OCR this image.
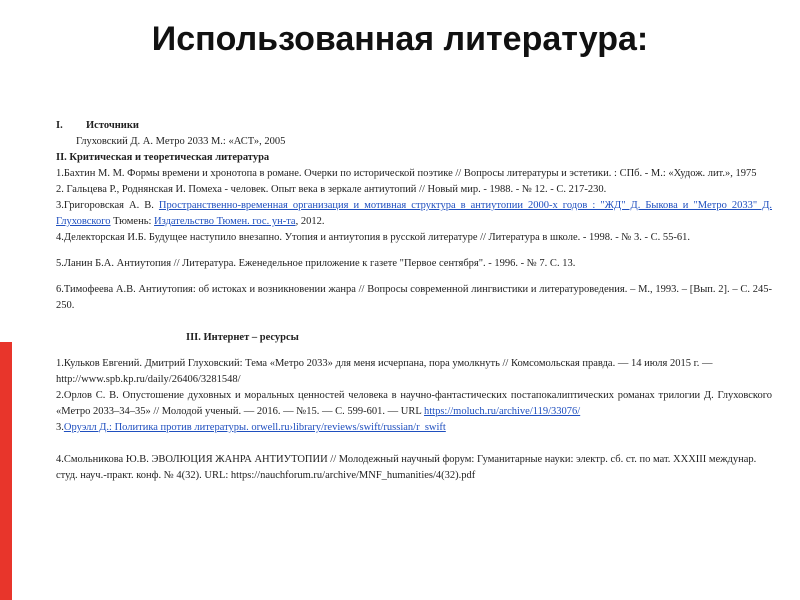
Использованная литература:
I.	Источники
Глуховский Д. А. Метро 2033 М.: «АСТ», 2005
II. Критическая и теоретическая литература
1.Бахтин М. М. Формы времени и хронотопа в романе. Очерки по исторической поэтике // Вопросы литературы и эстетики. : СПб. - М.: «Худож. лит.», 1975
2. Гальцева Р., Роднянская И. Помеха - человек. Опыт века в зеркале антиутопий // Новый мир. - 1988. - № 12. - С. 217-230.
3.Григоровская А. В. Пространственно-временная организация и мотивная структура в антиутопии 2000-х годов : "ЖД" Д. Быкова и "Метро 2033" Д. Глуховского Тюмень: Издательство Тюмен. гос. ун-та, 2012.
4.Делекторская И.Б. Будущее наступило внезапно. Утопия и антиутопия в русской литературе // Литература в школе. - 1998. - № 3. - С. 55-61.
5.Ланин Б.А. Антиутопия // Литература. Еженедельное приложение к газете "Первое сентября". - 1996. - № 7. С. 13.
6.Тимофеева А.В. Антиутопия: об истоках и возникновении жанра // Вопросы современной лингвистики и литературоведения. – М., 1993. – [Вып. 2]. – С. 245-250.
III. Интернет – ресурсы
1.Кульков Евгений. Дмитрий Глуховский: Тема «Метро 2033» для меня исчерпана, пора умолкнуть // Комсомольская правда. — 14 июля 2015 г. — http://www.spb.kp.ru/daily/26406/3281548/
2.Орлов С. В. Опустошение духовных и моральных ценностей человека в научно-фантастических постапокалиптических романах трилогии Д. Глуховского «Метро 2033–34–35» // Молодой ученый. — 2016. — №15. — С. 599-601. — URL https://moluch.ru/archive/119/33076/
3.Оруэлл Д.: Политика против литературы. orwell.ru›library/reviews/swift/russian/r_swift
4.Смольникова Ю.В. ЭВОЛЮЦИЯ ЖАНРА АНТИУТОПИИ // Молодежный научный форум: Гуманитарные науки: электр. сб. ст. по мат. XXXIII междунар. студ. науч.-практ. конф. № 4(32). URL: https://nauchforum.ru/archive/MNF_humanities/4(32).pdf
